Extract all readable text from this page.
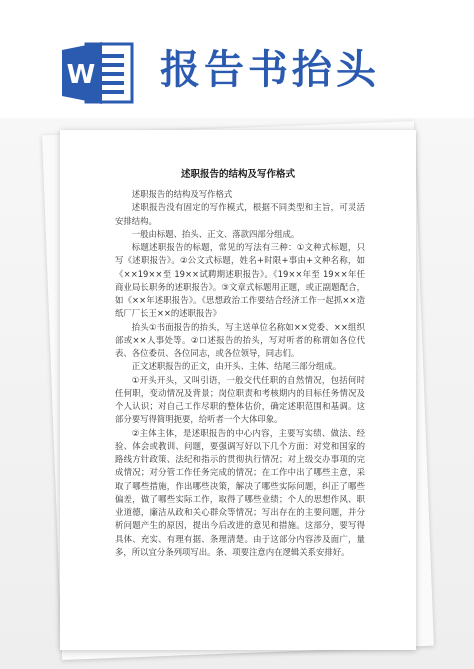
W 报告书抬头
述职报告的结构及写作格式

述职报告的结构及写作格式

述职报告没有固定的写作模式，根据不同类型和主旨，可灵活安排结构。

一般由标题、抬头、正文、落款四部分组成。

标题述职报告的标题，常见的写法有三种：①文种式标题，只写《述职报告》。②公文式标题，姓名+时限+事由+文种名称，如《××19××至 19××试聘期述职报告》。《19××年至 19××年任商业局长职务的述职报告》。③文章式标题用正题，或正副题配合，如《××年述职报告》。《思想政治工作要结合经济工作一起抓××造纸厂厂长王××的述职报告》

抬头①书面报告的抬头，写主送单位名称如××党委、××组织部或××人事处等。②口述报告的抬头，写对听者的称谓如各位代表、各位委员、各位同志，或各位领导，同志们。

正文述职报告的正文，由开头、主体、结尾三部分组成。

①开头开头，又叫引语，一般交代任职的自然情况，包括何时任何职，变动情况及背景；岗位职责和考核期内的目标任务情况及个人认识；对自己工作尽职的整体估价，确定述职范围和基调。这部分要写得简明扼要，给听者一个大体印象。

②主体主体，是述职报告的中心内容，主要写实绩、做法、经验、体会或教训、问题，要强调写好以下几个方面：对党和国家的路线方针政策、法纪和指示的贯彻执行情况；对上级交办事项的完成情况；对分管工作任务完成的情况；在工作中出了哪些主意，采取了哪些措施，作出哪些决策，解决了哪些实际问题，纠正了哪些偏差，做了哪些实际工作，取得了哪些业绩；个人的思想作风、职业道德，廉洁从政和关心群众等情况；写出存在的主要问题，并分析问题产生的原因，提出今后改进的意见和措施。这部分，要写得具体、充实、有理有据、条理清楚。由于这部分内容涉及面广，量多，所以宜分条列项写出。条、项要注意内在逻辑关系安排好。
